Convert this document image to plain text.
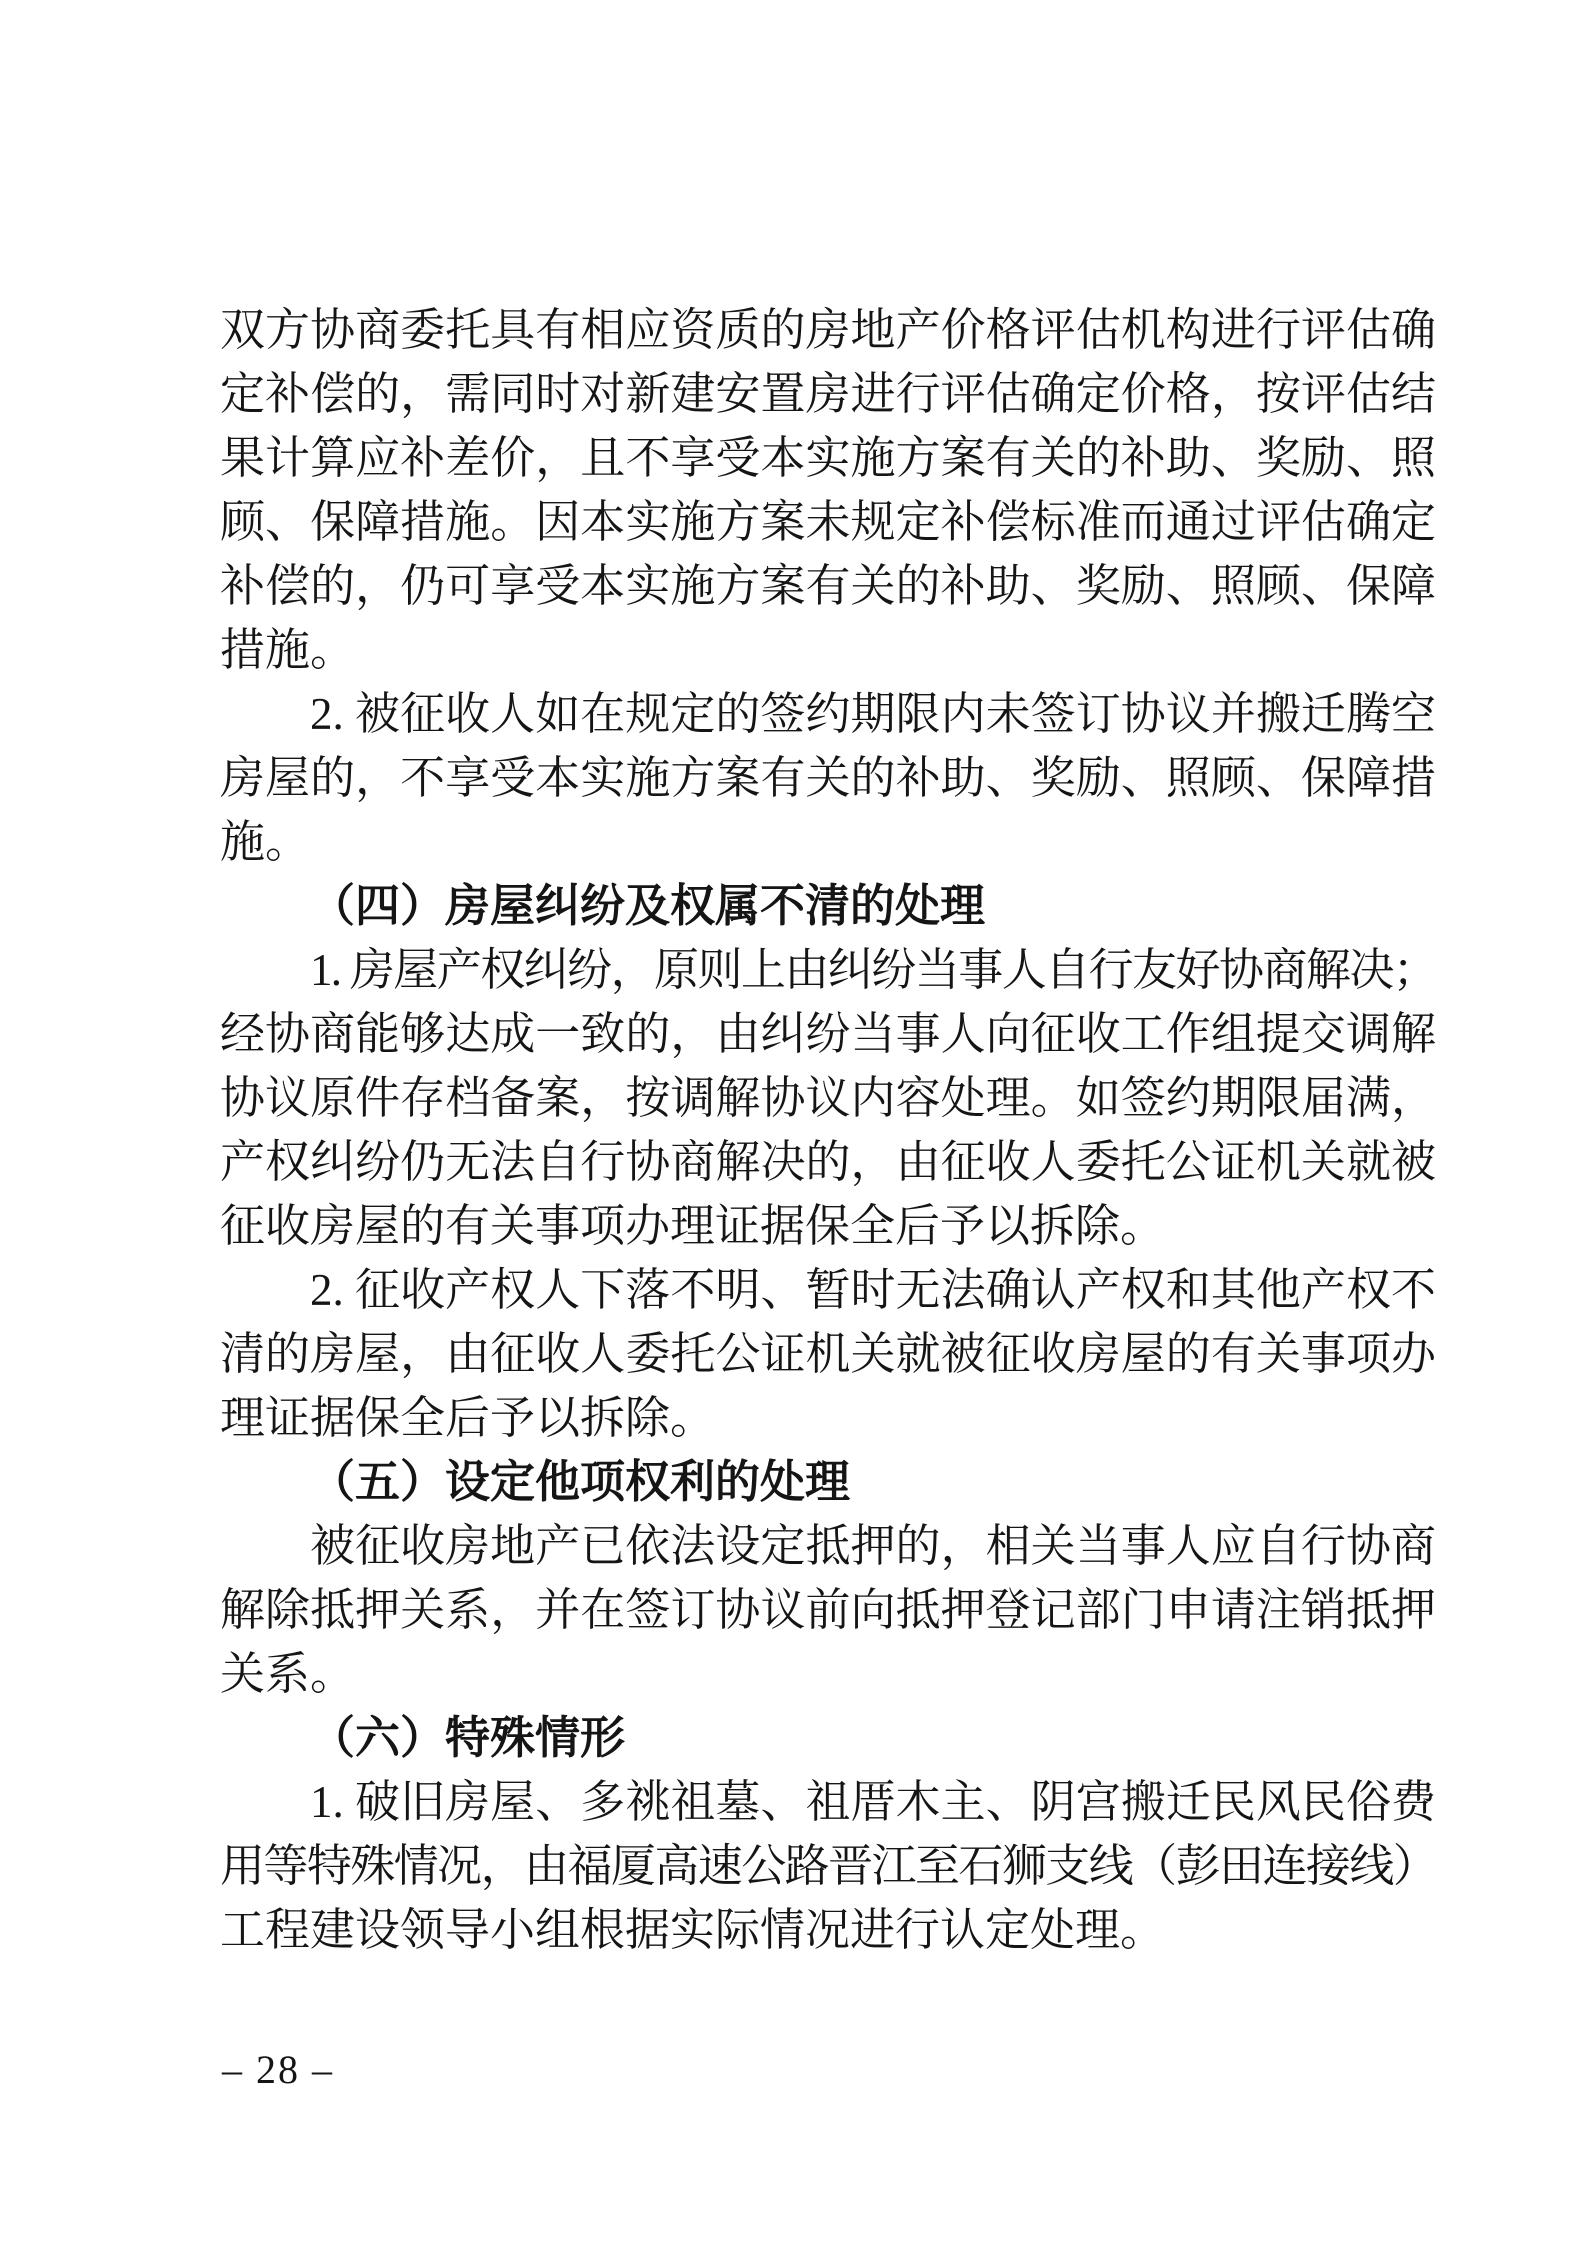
双方协商委托具有相应资质的房地产价格评估机构进行评估确
定补偿的，需同时对新建安置房进行评估确定价格，按评估结
果计算应补差价，且不享受本实施方案有关的补助、奖励、照
顾、保障措施。因本实施方案未规定补偿标准而通过评估确定
补偿的，仍可享受本实施方案有关的补助、奖励、照顾、保障
措施。
2. 被征收人如在规定的签约期限内未签订协议并搬迁腾空
房屋的，不享受本实施方案有关的补助、奖励、照顾、保障措
施。
（四）房屋纠纷及权属不清的处理
1. 房屋产权纠纷，原则上由纠纷当事人自行友好协商解决；
经协商能够达成一致的，由纠纷当事人向征收工作组提交调解
协议原件存档备案，按调解协议内容处理。如签约期限届满，
产权纠纷仍无法自行协商解决的，由征收人委托公证机关就被
征收房屋的有关事项办理证据保全后予以拆除。
2. 征收产权人下落不明、暂时无法确认产权和其他产权不
清的房屋，由征收人委托公证机关就被征收房屋的有关事项办
理证据保全后予以拆除。
（五）设定他项权利的处理
被征收房地产已依法设定抵押的，相关当事人应自行协商
解除抵押关系，并在签订协议前向抵押登记部门申请注销抵押
关系。
（六）特殊情形
1. 破旧房屋、多祧祖墓、祖厝木主、阴宫搬迁民风民俗费
用等特殊情况，由福厦高速公路晋江至石狮支线（彭田连接线）
工程建设领导小组根据实际情况进行认定处理。
– 28 –
